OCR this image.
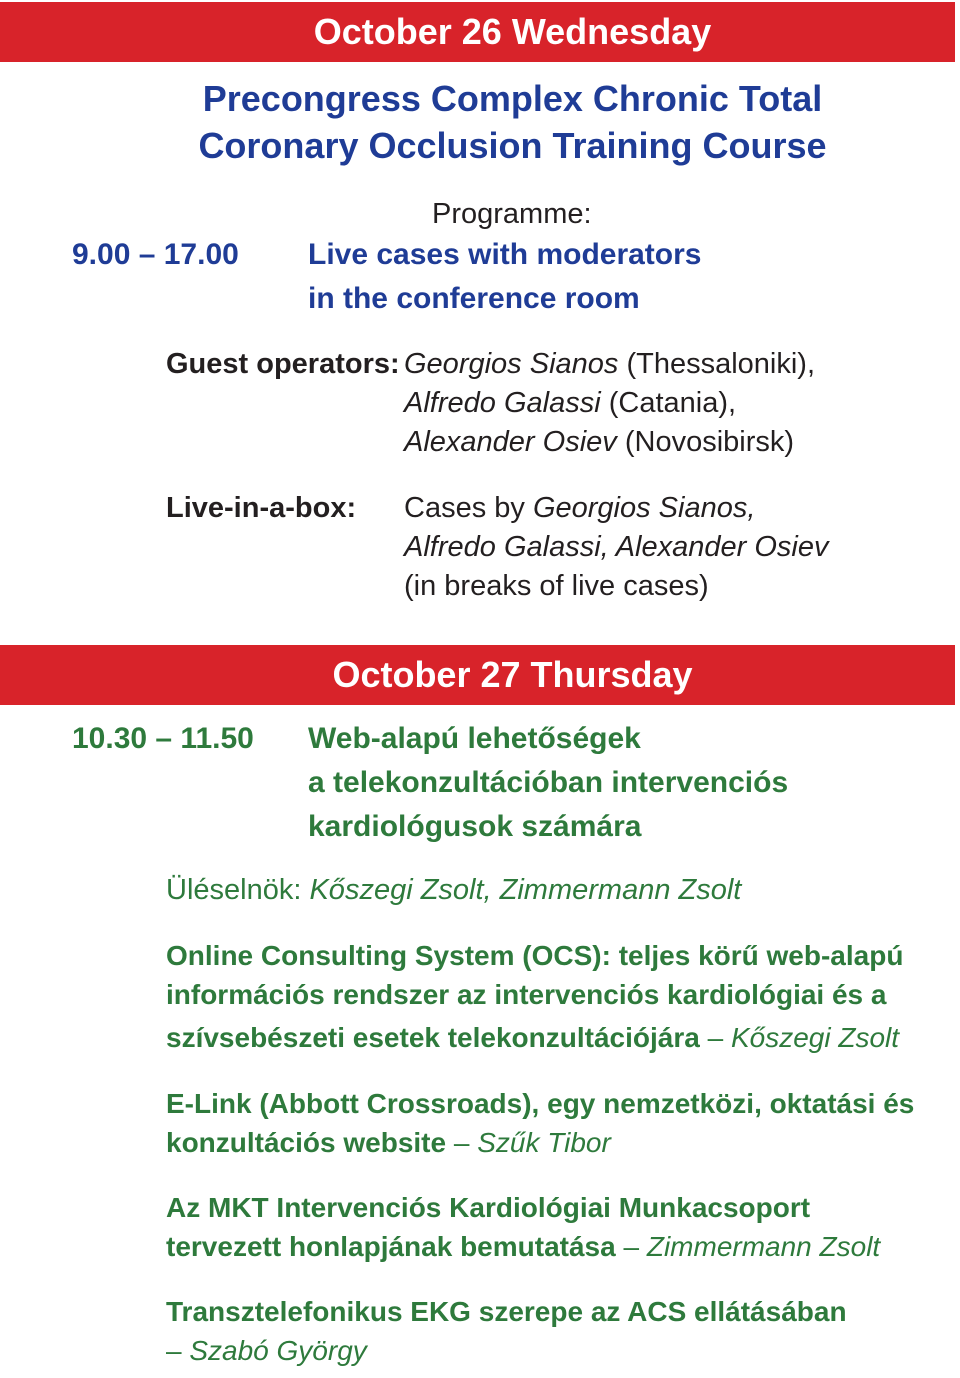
October 26 Wednesday
Precongress Complex Chronic Total
Coronary Occlusion Training Course
Programme:
9.00 – 17.00 Live cases with moderators
in the conference room
Guest operators: Georgios Sianos (Thessaloniki),
Alfredo Galassi (Catania),
Alexander Osiev (Novosibirsk)
Live-in-a-box: Cases by Georgios Sianos,
Alfredo Galassi, Alexander Osiev
(in breaks of live cases)
October 27 Thursday
10.30 – 11.50 Web-alapú lehetőségek
a telekonzultációban intervenciós
kardiológusok számára
Üléselnök: Kőszegi Zsolt, Zimmermann Zsolt
Online Consulting System (OCS): teljes körű web-alapú
információs rendszer az intervenciós kardiológiai és a
szívsebészeti esetek telekonzultációjára – Kőszegi Zsolt
E-Link (Abbott Crossroads), egy nemzetközi, oktatási és
konzultációs website – Szűk Tibor
Az MKT Intervenciós Kardiológiai Munkacsoport
tervezett honlapjának bemutatása – Zimmermann Zsolt
Transztelefonikus EKG szerepe az ACS ellátásában
– Szabó György
